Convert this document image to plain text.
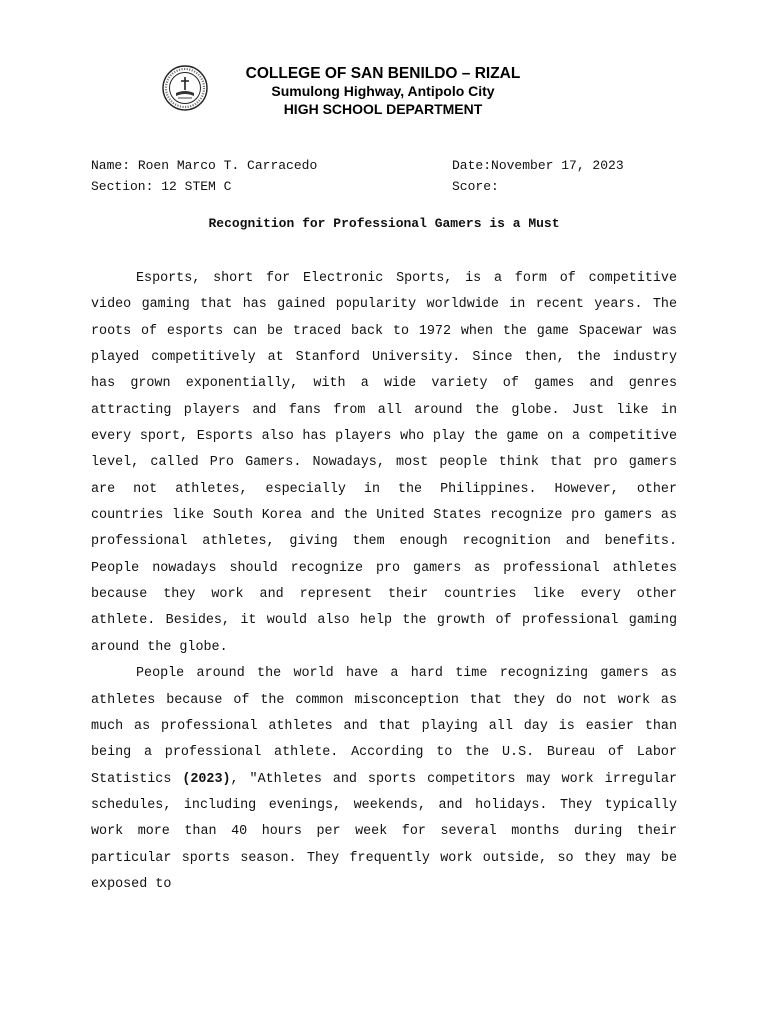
COLLEGE OF SAN BENILDO – RIZAL
Sumulong Highway, Antipolo City
HIGH SCHOOL DEPARTMENT
Name: Roen Marco T. Carracedo
Section: 12 STEM C
Date:November 17, 2023
Score:
Recognition for Professional Gamers is a Must

Esports, short for Electronic Sports, is a form of competitive video gaming that has gained popularity worldwide in recent years. The roots of esports can be traced back to 1972 when the game Spacewar was played competitively at Stanford University. Since then, the industry has grown exponentially, with a wide variety of games and genres attracting players and fans from all around the globe. Just like in every sport, Esports also has players who play the game on a competitive level, called Pro Gamers. Nowadays, most people think that pro gamers are not athletes, especially in the Philippines. However, other countries like South Korea and the United States recognize pro gamers as professional athletes, giving them enough recognition and benefits. People nowadays should recognize pro gamers as professional athletes because they work and represent their countries like every other athlete. Besides, it would also help the growth of professional gaming around the globe.

People around the world have a hard time recognizing gamers as athletes because of the common misconception that they do not work as much as professional athletes and that playing all day is easier than being a professional athlete. According to the U.S. Bureau of Labor Statistics (2023), "Athletes and sports competitors may work irregular schedules, including evenings, weekends, and holidays. They typically work more than 40 hours per week for several months during their particular sports season. They frequently work outside, so they may be exposed to
